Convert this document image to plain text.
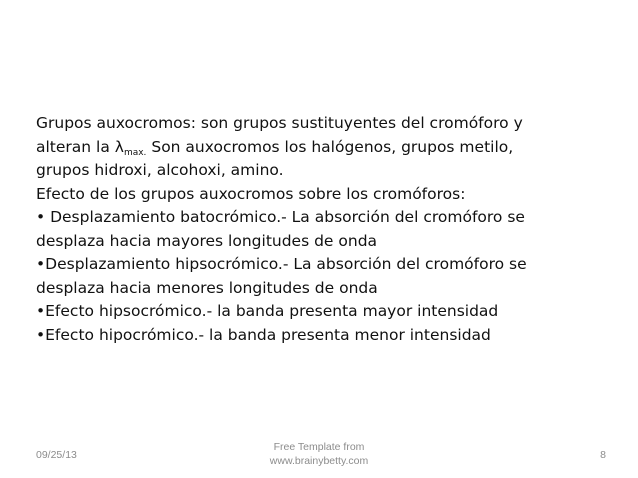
Grupos auxocromos: son grupos sustituyentes del cromóforo y
alteran la λmax. Son auxocromos los halógenos, grupos metilo,
grupos hidroxi, alcohoxi, amino.

Efecto de los grupos auxocromos sobre los cromóforos:

• Desplazamiento batocrómico.- La absorción del cromóforo se
desplaza hacia mayores longitudes de onda

•Desplazamiento hipsocrómico.- La absorción del cromóforo se
desplaza hacia menores longitudes de onda

•Efecto hipsocrómico.- la banda presenta mayor intensidad

•Efecto hipocrómico.- la banda presenta menor intensidad

09/25/13
Free Template from
www.brainybetty.com	8
